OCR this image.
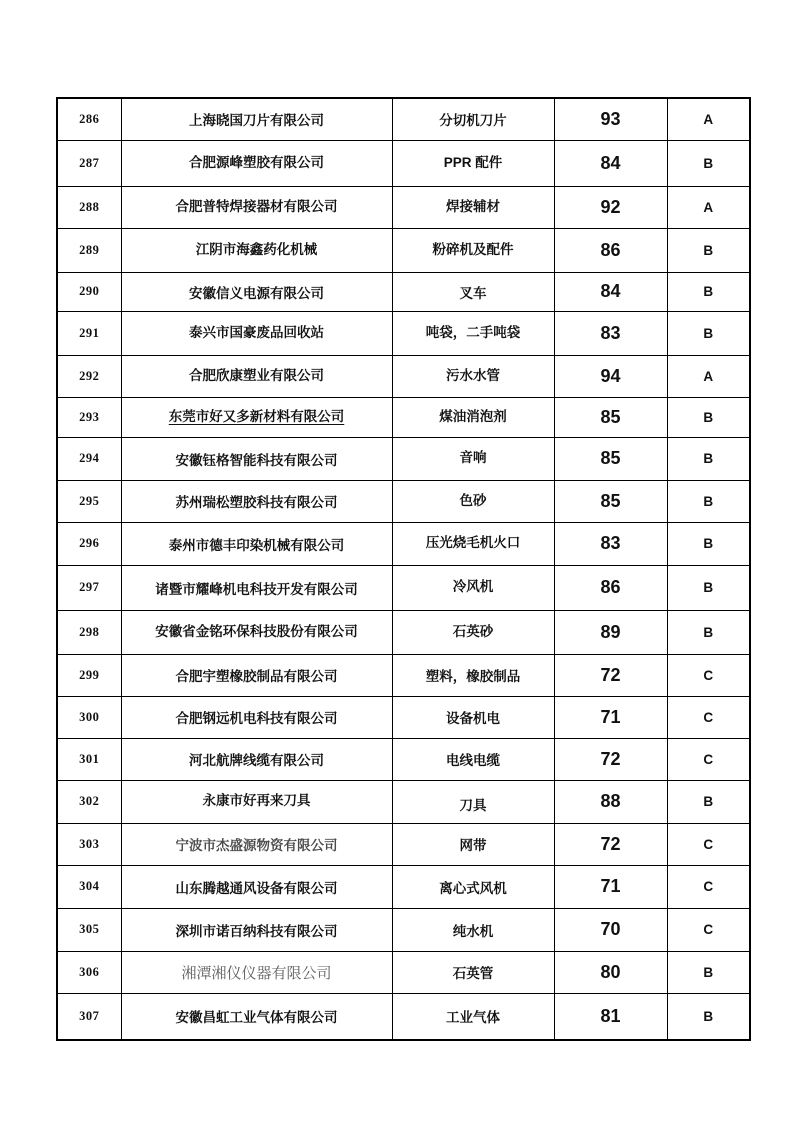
286	上海晓国刀片有限公司	分切机刀片	93	A
287	合肥源峰塑胶有限公司	PPR 配件	84	B
288	合肥普特焊接器材有限公司	焊接辅材	92	A
289	江阴市海鑫药化机械	粉碎机及配件	86	B
290	安徽信义电源有限公司	叉车	84	B
291	泰兴市国豪废品回收站	吨袋，二手吨袋	83	B
292	合肥欣康塑业有限公司	污水水管	94	A
293	东莞市好又多新材料有限公司	煤油消泡剂	85	B
294	安徽钰格智能科技有限公司	音响	85	B
295	苏州瑞松塑胶科技有限公司	色砂	85	B
296	泰州市德丰印染机械有限公司	压光烧毛机火口	83	B
297	诸暨市耀峰机电科技开发有限公司	冷风机	86	B
298	安徽省金铭环保科技股份有限公司	石英砂	89	B
299	合肥宇塑橡胶制品有限公司	塑料，橡胶制品	72	C
300	合肥钢远机电科技有限公司	设备机电	71	C
301	河北航牌线缆有限公司	电线电缆	72	C
302	永康市好再来刀具	刀具	88	B
303	宁波市杰盛源物资有限公司	网带	72	C
304	山东腾越通风设备有限公司	离心式风机	71	C
305	深圳市诺百纳科技有限公司	纯水机	70	C
306	湘潭湘仪仪器有限公司	石英管	80	B
307	安徽昌虹工业气体有限公司	工业气体	81	B
